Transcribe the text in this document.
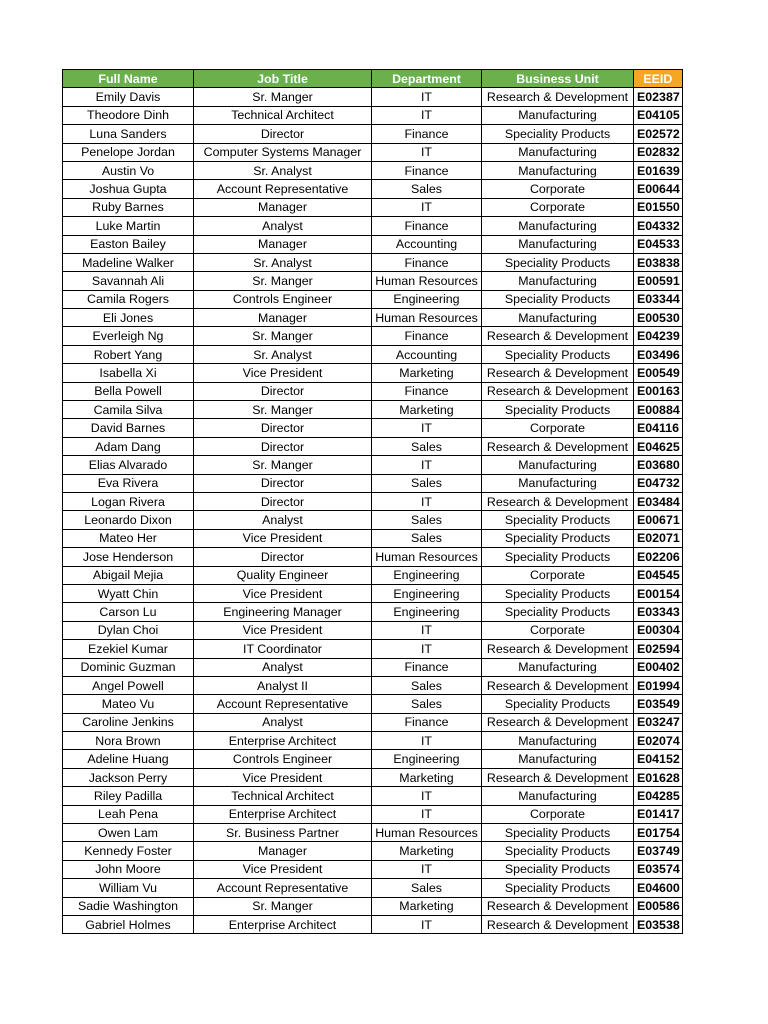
Full Name	Job Title	Department	Business Unit	EEID
Emily Davis	Sr. Manger	IT	Research & Development	E02387
Theodore Dinh	Technical Architect	IT	Manufacturing	E04105
Luna Sanders	Director	Finance	Speciality Products	E02572
Penelope Jordan	Computer Systems Manager	IT	Manufacturing	E02832
Austin Vo	Sr. Analyst	Finance	Manufacturing	E01639
Joshua Gupta	Account Representative	Sales	Corporate	E00644
Ruby Barnes	Manager	IT	Corporate	E01550
Luke Martin	Analyst	Finance	Manufacturing	E04332
Easton Bailey	Manager	Accounting	Manufacturing	E04533
Madeline Walker	Sr. Analyst	Finance	Speciality Products	E03838
Savannah Ali	Sr. Manger	Human Resources	Manufacturing	E00591
Camila Rogers	Controls Engineer	Engineering	Speciality Products	E03344
Eli Jones	Manager	Human Resources	Manufacturing	E00530
Everleigh Ng	Sr. Manger	Finance	Research & Development	E04239
Robert Yang	Sr. Analyst	Accounting	Speciality Products	E03496
Isabella Xi	Vice President	Marketing	Research & Development	E00549
Bella Powell	Director	Finance	Research & Development	E00163
Camila Silva	Sr. Manger	Marketing	Speciality Products	E00884
David Barnes	Director	IT	Corporate	E04116
Adam Dang	Director	Sales	Research & Development	E04625
Elias Alvarado	Sr. Manger	IT	Manufacturing	E03680
Eva Rivera	Director	Sales	Manufacturing	E04732
Logan Rivera	Director	IT	Research & Development	E03484
Leonardo Dixon	Analyst	Sales	Speciality Products	E00671
Mateo Her	Vice President	Sales	Speciality Products	E02071
Jose Henderson	Director	Human Resources	Speciality Products	E02206
Abigail Mejia	Quality Engineer	Engineering	Corporate	E04545
Wyatt Chin	Vice President	Engineering	Speciality Products	E00154
Carson Lu	Engineering Manager	Engineering	Speciality Products	E03343
Dylan Choi	Vice President	IT	Corporate	E00304
Ezekiel Kumar	IT Coordinator	IT	Research & Development	E02594
Dominic Guzman	Analyst	Finance	Manufacturing	E00402
Angel Powell	Analyst II	Sales	Research & Development	E01994
Mateo Vu	Account Representative	Sales	Speciality Products	E03549
Caroline Jenkins	Analyst	Finance	Research & Development	E03247
Nora Brown	Enterprise Architect	IT	Manufacturing	E02074
Adeline Huang	Controls Engineer	Engineering	Manufacturing	E04152
Jackson Perry	Vice President	Marketing	Research & Development	E01628
Riley Padilla	Technical Architect	IT	Manufacturing	E04285
Leah Pena	Enterprise Architect	IT	Corporate	E01417
Owen Lam	Sr. Business Partner	Human Resources	Speciality Products	E01754
Kennedy Foster	Manager	Marketing	Speciality Products	E03749
John Moore	Vice President	IT	Speciality Products	E03574
William Vu	Account Representative	Sales	Speciality Products	E04600
Sadie Washington	Sr. Manger	Marketing	Research & Development	E00586
Gabriel Holmes	Enterprise Architect	IT	Research & Development	E03538
